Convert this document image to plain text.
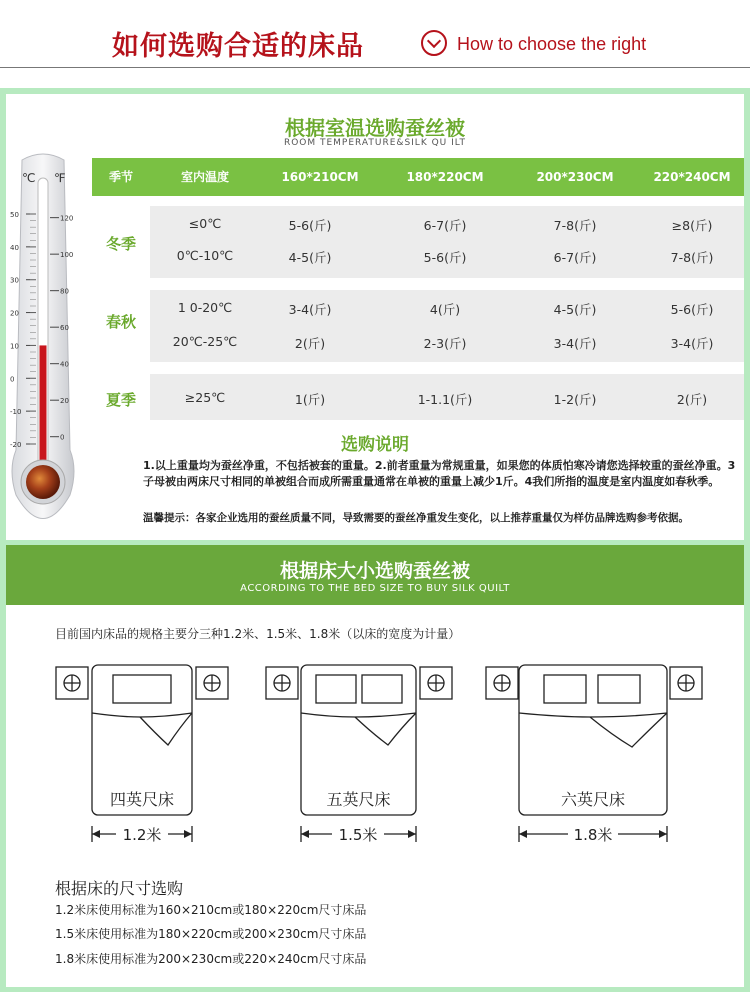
如何选购合适的床品	How to choose the right
根据室温选购蚕丝被
ROOM TEMPERATURE&SILK QU ILT
℃ ℉
50
40
30
20
10
0
-10
-20
120
100
80
60
40
20
0
季节	室内温度	160*210CM	180*220CM	200*230CM	220*240CM
冬季
春秋
夏季
≤0℃	5-6(斤)	6-7(斤)	7-8(斤)	≥8(斤)
0℃-10℃	4-5(斤)	5-6(斤)	6-7(斤)	7-8(斤)
1 0-20℃	3-4(斤)	4(斤)	4-5(斤)	5-6(斤)
20℃-25℃	2(斤)	2-3(斤)	3-4(斤)	3-4(斤)
≥25℃	1(斤)	1-1.1(斤)	1-2(斤)	2(斤)
选购说明
1.以上重量均为蚕丝净重，不包括被套的重量。2.前者重量为常规重量，如果您的体质怕寒冷请您选择较重的蚕丝净重。3子母被由两床尺寸相同的单被组合而成所需重量通常在单被的重量上减少1斤。4我们所指的温度是室内温度如春秋季。
温馨提示：各家企业选用的蚕丝质量不同，导致需要的蚕丝净重发生变化，以上推荐重量仅为样仿品牌选购参考依据。
根据床大小选购蚕丝被
ACCORDING TO THE BED SIZE TO BUY SILK QUILT
目前国内床品的规格主要分三种1.2米、1.5米、1.8米（以床的宽度为计量）
四英尺床	五英尺床	六英尺床
1.2米	1.5米	1.8米
根据床的尺寸选购
1.2米床使用标准为160×210cm或180×220cm尺寸床品
1.5米床使用标准为180×220cm或200×230cm尺寸床品
1.8米床使用标准为200×230cm或220×240cm尺寸床品
